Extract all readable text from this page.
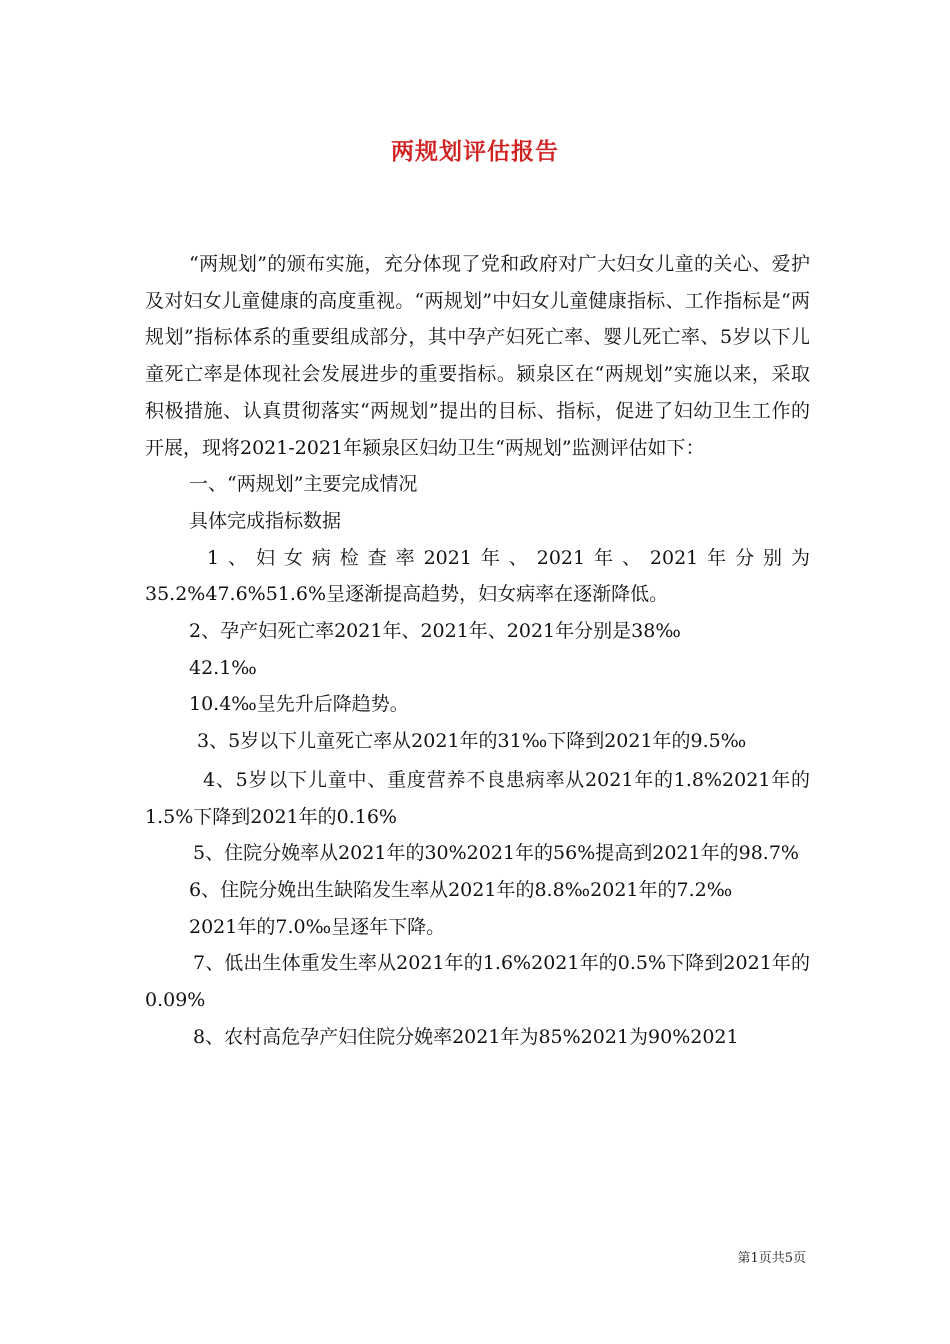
两规划评估报告

“两规划”的颁布实施，充分体现了党和政府对广大妇女儿童的关心、爱护及对妇女儿童健康的高度重视。“两规划”中妇女儿童健康指标、工作指标是“两规划”指标体系的重要组成部分，其中孕产妇死亡率、婴儿死亡率、5岁以下儿童死亡率是体现社会发展进步的重要指标。颍泉区在“两规划”实施以来，采取积极措施、认真贯彻落实“两规划”提出的目标、指标，促进了妇幼卫生工作的开展，现将2021-2021年颍泉区妇幼卫生“两规划”监测评估如下：

一、“两规划”主要完成情况

具体完成指标数据

1、妇女病检查率2021年、2021年、2021年分别为35.2%47.6%51.6%呈逐渐提高趋势，妇女病率在逐渐降低。

2、孕产妇死亡率2021年、2021年、2021年分别是38‰

42.1‰

10.4‰呈先升后降趋势。

3、5岁以下儿童死亡率从2021年的31‰下降到2021年的9.5‰

4、5岁以下儿童中、重度营养不良患病率从2021年的1.8%2021年的1.5%下降到2021年的0.16%

5、住院分娩率从2021年的30%2021年的56%提高到2021年的98.7%

6、住院分娩出生缺陷发生率从2021年的8.8‰2021年的7.2‰

2021年的7.0‰呈逐年下降。

7、低出生体重发生率从2021年的1.6%2021年的0.5%下降到2021年的0.09%

8、农村高危孕产妇住院分娩率2021年为85%2021为90%2021

第1页共5页
